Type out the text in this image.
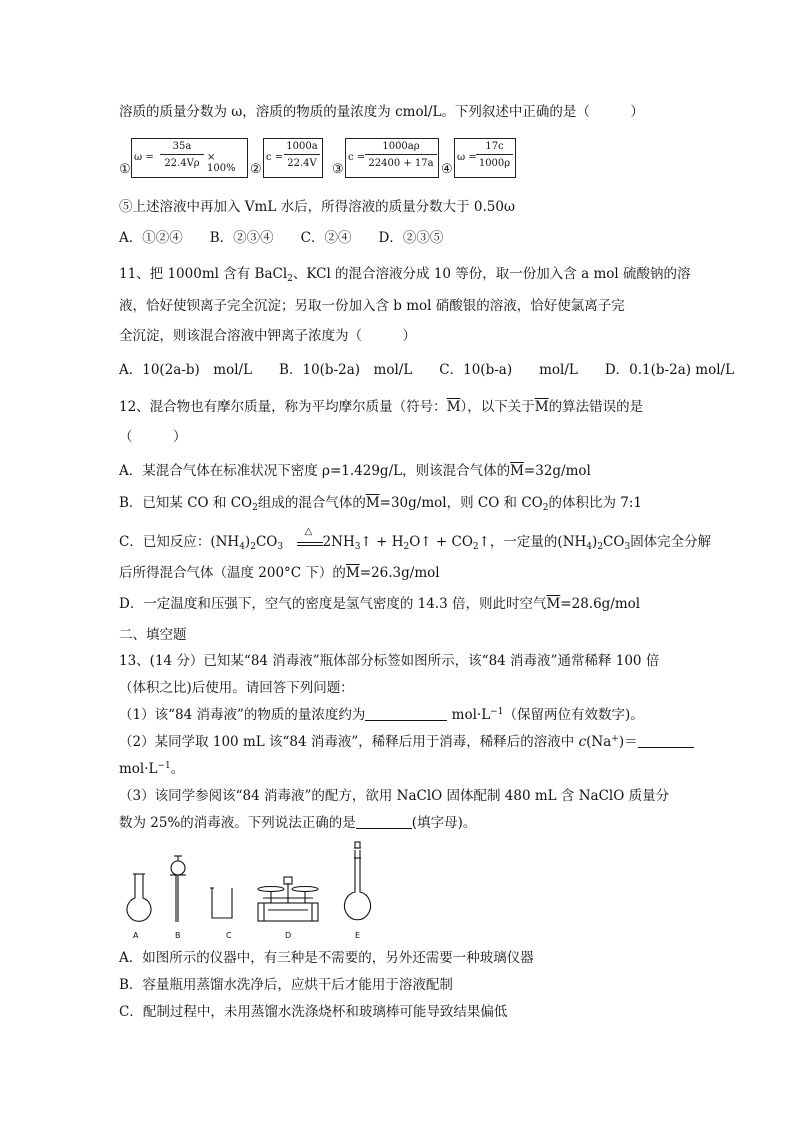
溶质的质量分数为 ω，溶质的物质的量浓度为 cmol/L。下列叙述中正确的是（　　　）
①
$\omega = \frac{35a}{22.4V\rho} \times 100\%$	②
$c = \frac{1000a}{22.4V}$
③
$c = \frac{1000a\rho}{22400 + 17a}$
④
$\omega = \frac{17c}{1000\rho}$
⑤上述溶液中再加入 VmL 水后，所得溶液的质量分数大于 0.50ω
A．①②④　　B．②③④　　C．②④　　D．②③⑤
11、把 1000ml 含有 BaCl$_2$、KCl 的混合溶液分成 10 等份，取一份加入含 a mol 硫酸钠的溶
液，恰好使钡离子完全沉淀；另取一份加入含 b mol 硝酸银的溶液，恰好使氯离子完
全沉淀，则该混合溶液中钾离子浓度为（　　　）
A．10(2a-b)　mol/L　　B．10(b-2a)　mol/L　　C．10(b-a)　　mol/L　　D．0.1(b-2a) mol/L
12、混合物也有摩尔质量，称为平均摩尔质量（符号：$\overline{M}$），以下关于$\overline{M}$的算法错误的是
（　　　）
A．某混合气体在标准状况下密度 ρ=1.429g/L，则该混合气体的$\overline{M}=32g$/mol
B．已知某 CO 和 $CO_2$组成的混合气体的$\overline{M}=30g$/mol，则 CO 和 $CO_2$的体积比为 7:1
C．已知反应：$(NH_4)_2CO_3$　
△
$2NH_3↑$ + $H_2O↑$ + $CO_2↑$，一定量的$(NH_4)_2CO_3$固体完全分解
后所得混合气体（温度 200°C 下）的$\overline{M}=26.3g$/mol
D．一定温度和压强下，空气的密度是氢气密度的 14.3 倍，则此时空气$\overline{M}=28.6g$/mol
二、填空题
13、(14 分）已知某“84 消毒液”瓶体部分标签如图所示，该“84 消毒液”通常稀释 100 倍
（体积之比)后使用。请回答下列问题：
（1）该“84 消毒液”的物质的量浓度约为	$mol\cdot L^{-1}$（保留两位有效数字)。
（2）某同学取 100 mL 该“84 消毒液”，稀释后用于消毒，稀释后的溶液中 c(Na+)＝
$mol\cdot L^{-1}$。
（3）该同学参阅该“84 消毒液”的配方，欲用 NaClO 固体配制 480 mL 含 NaClO 质量分
数为 25%的消毒液。下列说法正确的是	(填字母)。
A	B	C	D	E
A．如图所示的仪器中，有三种是不需要的，另外还需要一种玻璃仪器
B．容量瓶用蒸馏水洗净后，应烘干后才能用于溶液配制
C．配制过程中，未用蒸馏水洗涤烧杯和玻璃棒可能导致结果偏低
